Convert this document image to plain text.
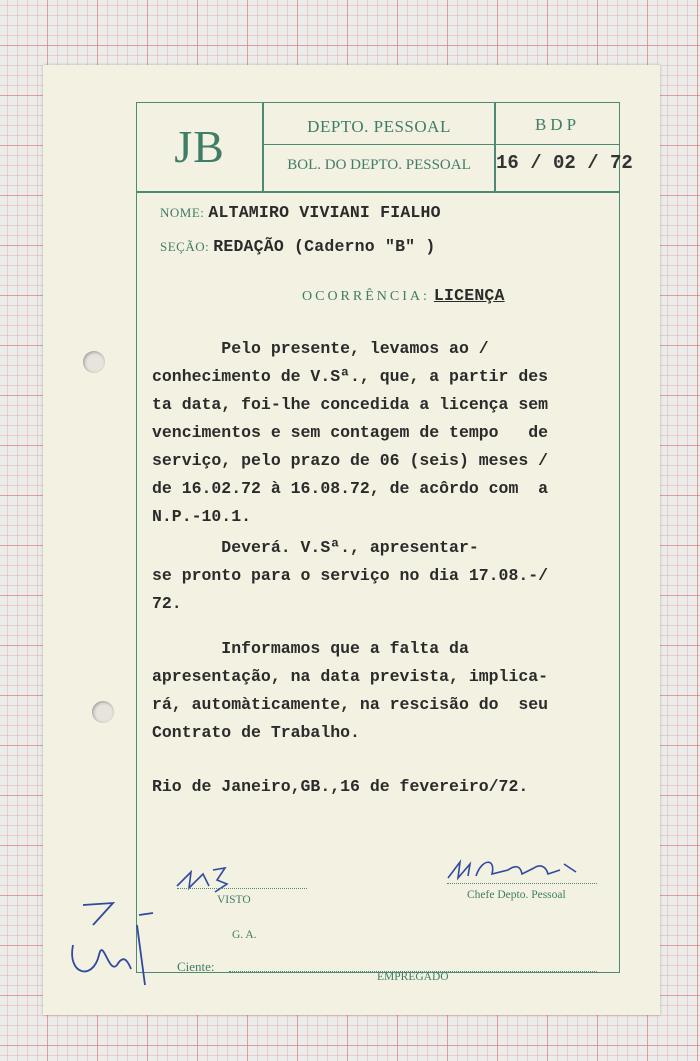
JB	DEPTO. PESSOAL
BOL. DO DEPTO. PESSOAL
BDP
16 / 02 / 72
NOME: ALTAMIRO VIVIANI FIALHO
SEÇÃO: REDAÇÃO (Caderno "B" )
OCORRÊNCIA: LICENÇA
Pelo presente, levamos ao /
conhecimento de V.Sª., que, a partir des
ta data, foi-lhe concedida a licença sem
vencimentos e sem contagem de tempo   de
serviço, pelo prazo de 06 (seis) meses /
de 16.02.72 à 16.08.72, de acôrdo com  a
N.P.-10.1.
Deverá. V.Sª., apresentar-
se pronto para o serviço no dia 17.08.-/
72.
Informamos que a falta da
apresentação, na data prevista, implica-
rá, automàticamente, na rescisão do  seu
Contrato de Trabalho.
Rio de Janeiro,GB.,16 de fevereiro/72.
VISTO	Chefe Depto. Pessoal
G. A.
Ciente:
EMPREGADO
